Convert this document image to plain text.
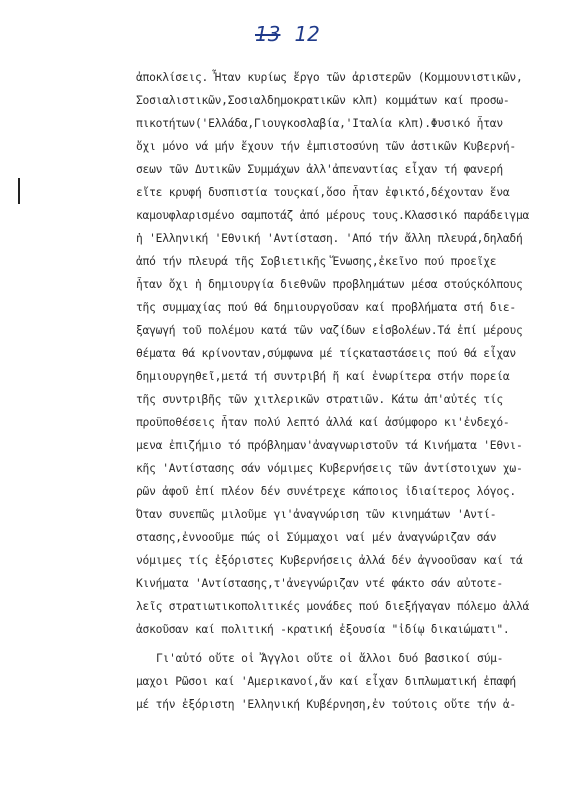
13 12
ἀποκλίσεις. Ἦταν κυρίως ἔργο τῶν ἀριστερῶν (Κομμουνιστικῶν,
Σοσιαλιστικῶν,Σοσιαλδημοκρατικῶν κλπ) κομμάτων καί προσω-
πικοτήτων('Ελλάδα,Γιουγκοσλαβία,'Ιταλία κλπ).Φυσικό ἦταν
ὄχι μόνο νά μήν ἔχουν τήν ἐμπιστοσύνη τῶν ἀστικῶν Κυβερνή-
σεων τῶν Δυτικῶν Συμμάχων ἀλλ'ἀπεναντίας εἶχαν τή φανερή
εἴτε κρυφή δυσπιστία τουςκαί,ὅσο ἦταν ἐφικτό,δέχονταν ἕνα
καμουφλαρισμένο σαμποτάζ ἀπό μέρους τους.Κλασσικό παράδειγμα
ἡ 'Ελληνική 'Εθνική 'Αντίσταση. 'Από τήν ἄλλη πλευρά,δηλαδή
ἀπό τήν πλευρά τῆς Σοβιετικῆς Ἕνωσης,ἐκεῖνο πού προεῖχε
ἦταν ὄχι ἡ δημιουργία διεθνῶν προβλημάτων μέσα στούςκόλπους
τῆς συμμαχίας πού θά δημιουργοῦσαν καί προβλήματα στή διε-
ξαγωγή τοῦ πολέμου κατά τῶν ναζίδων εἰσβολέων.Τά ἐπί μέρους
θέματα θά κρίνονταν,σύμφωνα μέ τίςκαταστάσεις πού θά εἶχαν
δημιουργηθεῖ,μετά τή συντριβή ἤ καί ἐνωρίτερα στήν πορεία
τῆς συντριβῆς τῶν χιτλερικῶν στρατιῶν. Κάτω ἀπ'αὐτές τίς
προϋποθέσεις ἦταν πολύ λεπτό ἀλλά καί ἀσύμφορο κι'ἐνδεχό-
μενα ἐπιζήμιο τό πρόβλημαν'ἀναγνωριστοῦν τά Κινήματα 'Εθνι-
κῆς 'Αντίστασης σάν νόμιμες Κυβερνήσεις τῶν ἀντίστοιχων χω-
ρῶν ἀφοῦ ἐπί πλέον δέν συνέτρεχε κάποιος ἰδιαίτερος λόγος.
Ὅταν συνεπῶς μιλοῦμε γι'ἀναγνώριση τῶν κινημάτων 'Αντί-
στασης,ἐννοοῦμε πώς οἱ Σύμμαχοι ναί μέν ἀναγνώριζαν σάν
νόμιμες τίς ἐξόριστες Κυβερνήσεις ἀλλά δέν ἀγνοοῦσαν καί τά
Κινήματα 'Αντίστασης,τ'ἀνεγνώριζαν ντέ φάκτο σάν αὐτοτε-
λεῖς στρατιωτικοπολιτικές μονάδες πού διεξήγαγαν πόλεμο ἀλλά
ἀσκοῦσαν καί πολιτική -κρατική ἐξουσία "ἰδίῳ δικαιώματι".
Γι'αὐτό οὔτε οἱ Ἄγγλοι οὔτε οἱ ἄλλοι δυό βασικοί σύμ-
μαχοι Ρῶσοι καί 'Αμερικανοί,ἄν καί εἶχαν διπλωματική ἐπαφή
μέ τήν ἐξόριστη 'Ελληνική Κυβέρνηση,ἐν τούτοις οὔτε τήν ἀ-
